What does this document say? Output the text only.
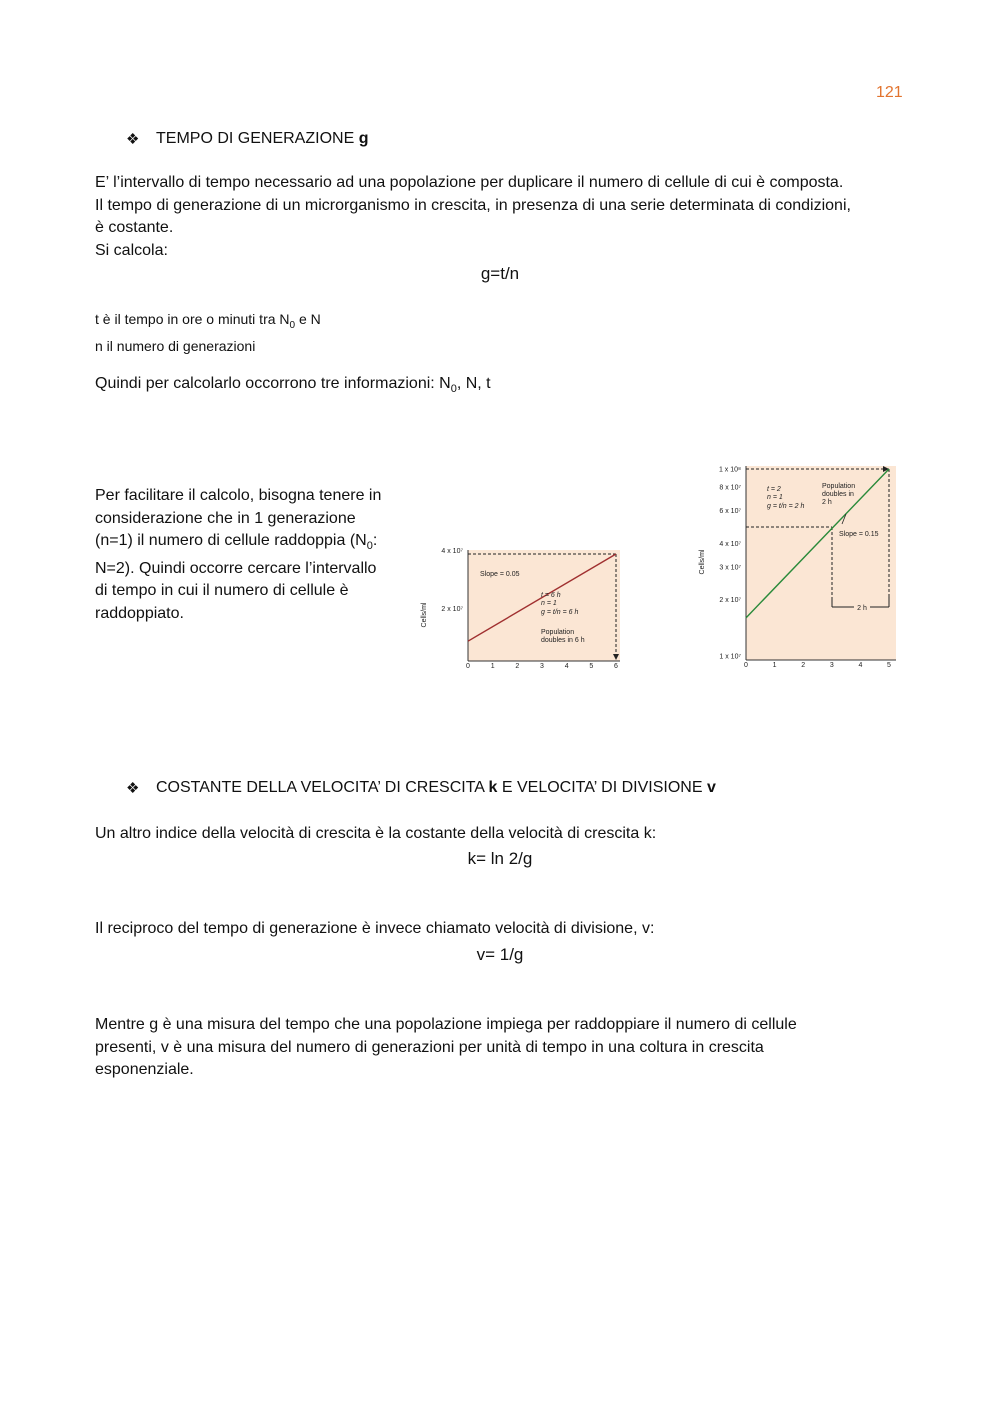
121
❖ TEMPO DI GENERAZIONE g
E’ l’intervallo di tempo necessario ad una popolazione per duplicare il numero di cellule di cui è composta.
Il tempo di generazione di un microrganismo in crescita, in presenza di una serie determinata di condizioni,
è costante.
Si calcola:
g=t/n
t è il tempo in ore o minuti tra $N_0$ e N
n il numero di generazioni
Quindi per calcolarlo occorrono tre informazioni: $N_0$, N, t
Per facilitare il calcolo, bisogna tenere in
considerazione che in 1 generazione
(n=1) il numero di cellule raddoppia ($N_0$:
N=2). Quindi occorre cercare l’intervallo
di tempo in cui il numero di cellule è
raddoppiato.	Cells/ml
4 x 10⁷
2 x 10⁷
0	1	2	3	4	5	6
Slope = 0.05
t = 6 h
n = 1
g = t/n = 6 h
Population
doubles in 6 h
Cells/ml
1 x 10⁷
2 x 10⁷
3 x 10⁷
4 x 10⁷
6 x 10⁷
8 x 10⁷
1 x 10⁸
0	1	2	3	4	5
2 h
t = 2
n = 1
g = t/n = 2 h
Population
doubles in
2 h
Slope = 0.15
❖ COSTANTE DELLA VELOCITA’ DI CRESCITA k E VELOCITA’ DI DIVISIONE v
Un altro indice della velocità di crescita è la costante della velocità di crescita k:
k= ln 2/g
Il reciproco del tempo di generazione è invece chiamato velocità di divisione, v:
v= 1/g
Mentre g è una misura del tempo che una popolazione impiega per raddoppiare il numero di cellule
presenti, v è una misura del numero di generazioni per unità di tempo in una coltura in crescita
esponenziale.
